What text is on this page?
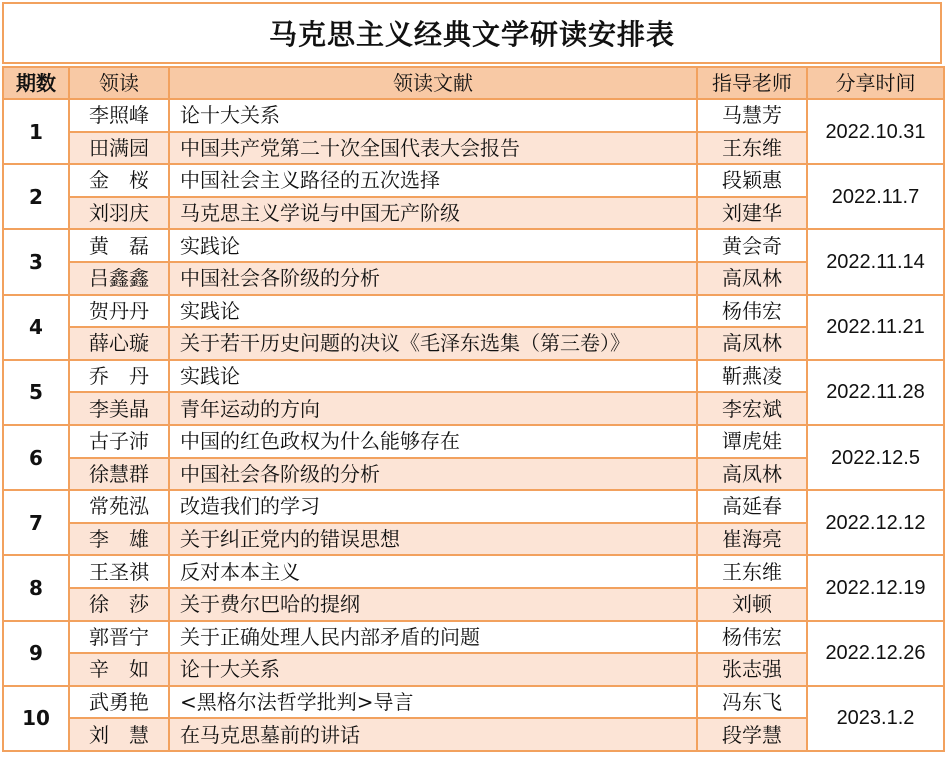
马克思主义经典文学研读安排表
期数	领读	领读文献	指导老师	分享时间
1	李照峰	论十大关系	马慧芳	2022.10.31
	田满园	中国共产党第二十次全国代表大会报告	王东维	
2	金　桜	中国社会主义路径的五次选择	段颖惠	2022.11.7
	刘羽庆	马克思主义学说与中国无产阶级	刘建华	
3	黄　磊	实践论	黄会奇	2022.11.14
	吕鑫鑫	中国社会各阶级的分析	高凤林	
4	贺丹丹	实践论	杨伟宏	2022.11.21
	薛心璇	关于若干历史问题的决议《毛泽东选集（第三卷）》	高凤林	
5	乔　丹	实践论	靳燕凌	2022.11.28
	李美晶	青年运动的方向	李宏斌	
6	古子沛	中国的红色政权为什么能够存在	谭虎娃	2022.12.5
	徐慧群	中国社会各阶级的分析	高凤林	
7	常苑泓	改造我们的学习	高延春	2022.12.12
	李　雄	关于纠正党内的错误思想	崔海亮	
8	王圣祺	反对本本主义	王东维	2022.12.19
	徐　莎	关于费尔巴哈的提纲	刘顿	
9	郭晋宁	关于正确处理人民内部矛盾的问题	杨伟宏	2022.12.26
	辛　如	论十大关系	张志强	
10	武勇艳	<黑格尔法哲学批判>导言	冯东飞	2023.1.2
	刘　慧	在马克思墓前的讲话	段学慧	
